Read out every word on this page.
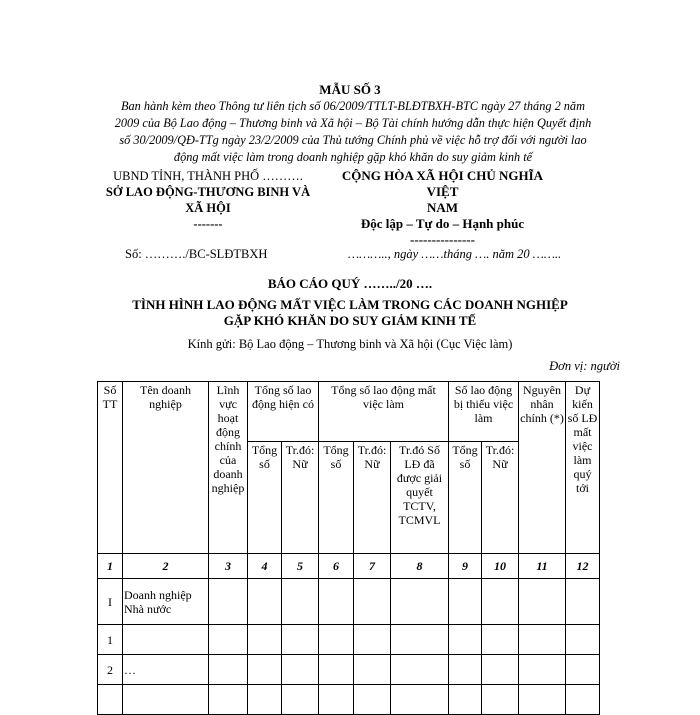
MẪU SỐ 3
Ban hành kèm theo Thông tư liên tịch số 06/2009/TTLT-BLĐTBXH-BTC ngày 27 tháng 2 năm
2009 của Bộ Lao động – Thương binh và Xã hội – Bộ Tài chính hướng dẫn thực hiện Quyết định
số 30/2009/QĐ-TTg ngày 23/2/2009 của Thủ tướng Chính phủ về việc hỗ trợ đối với người lao
động mất việc làm trong doanh nghiệp gặp khó khăn do suy giảm kinh tế
UBND TỈNH, THÀNH PHỐ ……….
SỞ LAO ĐỘNG-THƯƠNG BINH VÀ
XÃ HỘI
-------
CỘNG HÒA XÃ HỘI CHỦ NGHĨA VIỆT
NAM
Độc lập – Tự do – Hạnh phúc
---------------
Số: ………./BC-SLĐTBXH	……….., ngày ……tháng …. năm 20 ……..
BÁO CÁO QUÝ ……../20 ….
TÌNH HÌNH LAO ĐỘNG MẤT VIỆC LÀM TRONG CÁC DOANH NGHIỆP
GẶP KHÓ KHĂN DO SUY GIẢM KINH TẾ
Kính gửi: Bộ Lao động – Thương binh và Xã hội (Cục Việc làm)
Đơn vị: người
Số TT	Tên doanh nghiệp	Lĩnh vực hoạt động chính của doanh nghiệp	Tổng số lao động hiện có		Tổng số lao động mất việc làm			Số lao động bị thiếu việc làm		Nguyên nhân chính (*)	Dự kiến số LĐ mất việc làm quý tới
			Tổng số	Tr.đó: Nữ	Tổng số	Tr.đó: Nữ	Tr.đó Số LĐ đã được giải quyết TCTV, TCMVL	Tổng số	Tr.đó: Nữ		
1	2	3	4	5	6	7	8	9	10	11	12
I	Doanh nghiệp Nhà nước										
1											
2	…										
